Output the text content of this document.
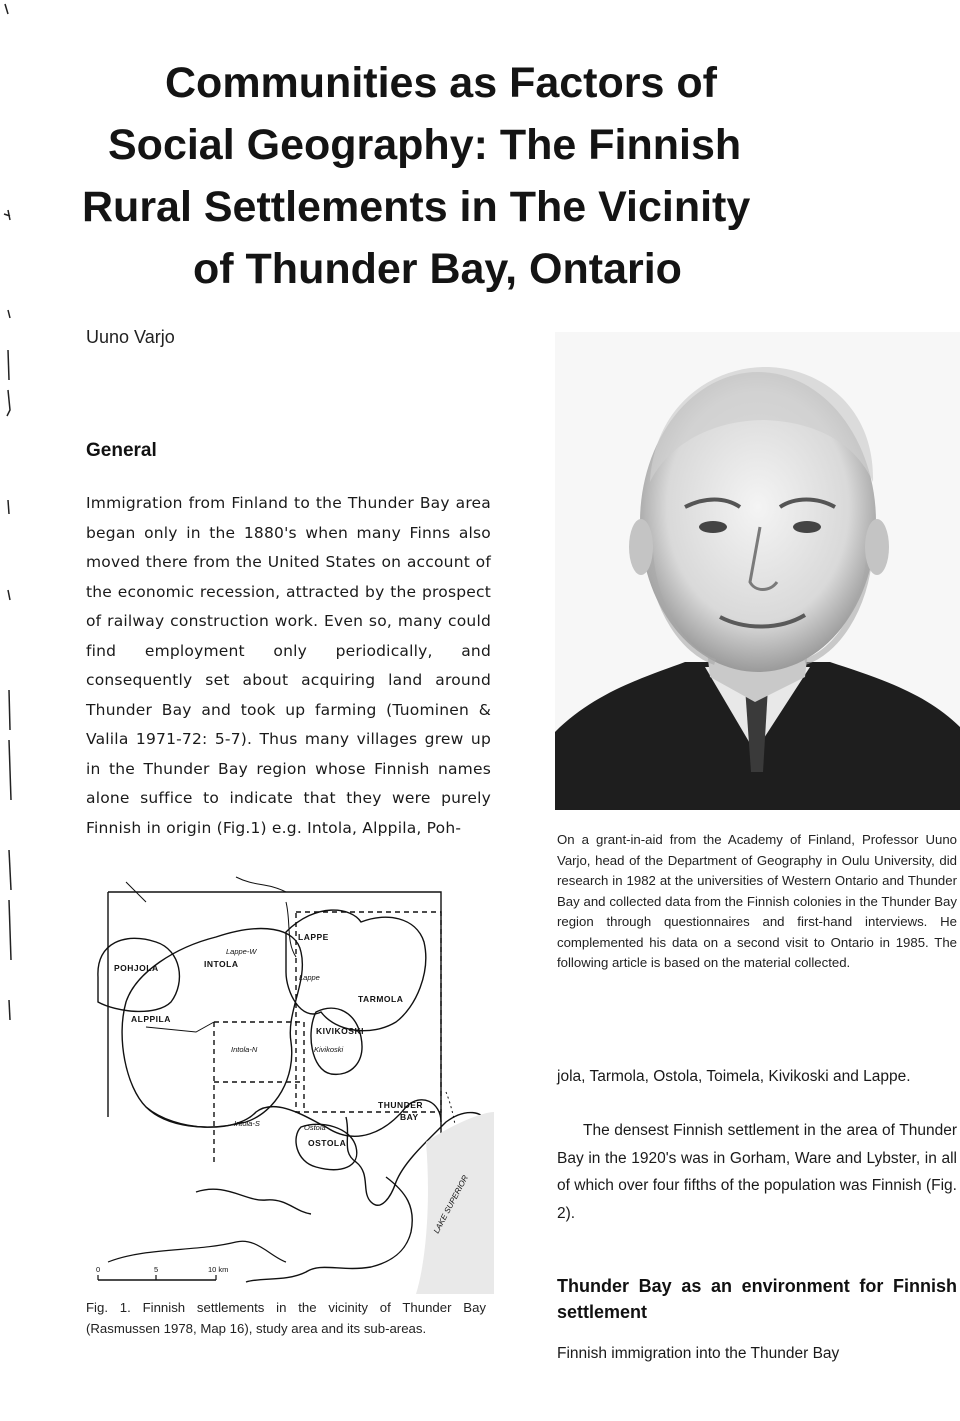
Communities as Factors of
Social Geography: The Finnish
Rural Settlements in The Vicinity
of Thunder Bay, Ontario
Uuno Varjo
General

Immigration from Finland to the Thunder Bay area began only in the 1880's when many Finns also moved there from the United States on account of the economic recession, attracted by the prospect of railway construction work. Even so, many could find employment only periodically, and consequently set about acquiring land around Thunder Bay and took up farming (Tuominen & Valila 1971-72: 5-7). Thus many villages grew up in the Thunder Bay region whose Finnish names alone suffice to indicate that they were purely Finnish in origin (Fig.1) e.g. Intola, Alppila, Poh-

On a grant-in-aid from the Academy of Finland, Professor Uuno Varjo, head of the Department of Geography in Oulu University, did research in 1982 at the universities of Western Ontario and Thunder Bay and collected data from the Finnish colonies in the Thunder Bay region through questionnaires and first-hand interviews. He complemented his data on a second visit to Ontario in 1985. The following article is based on the material collected.

jola, Tarmola, Ostola, Toimela, Kivikoski and Lappe.

The densest Finnish settlement in the area of Thunder Bay in the 1920's was in Gorham, Ware and Lybster, in all of which over four fifths of the population was Finnish (Fig. 2).

Thunder Bay as an environment for Finnish settlement
Finnish immigration into the Thunder Bay
POHJOLA	INTOLA
LAPPE
TARMOLA
ALPPILA
KIVIKOSKI
THUNDER
BAY
OSTOLA
Lappe-W
Lappe
Kivikoski
Intola-N
Intola-S	Ostola
LAKE SUPERIOR
0	5	10 km

Fig. 1. Finnish settlements in the vicinity of Thunder Bay (Rasmussen 1978, Map 16), study area and its sub-areas.
